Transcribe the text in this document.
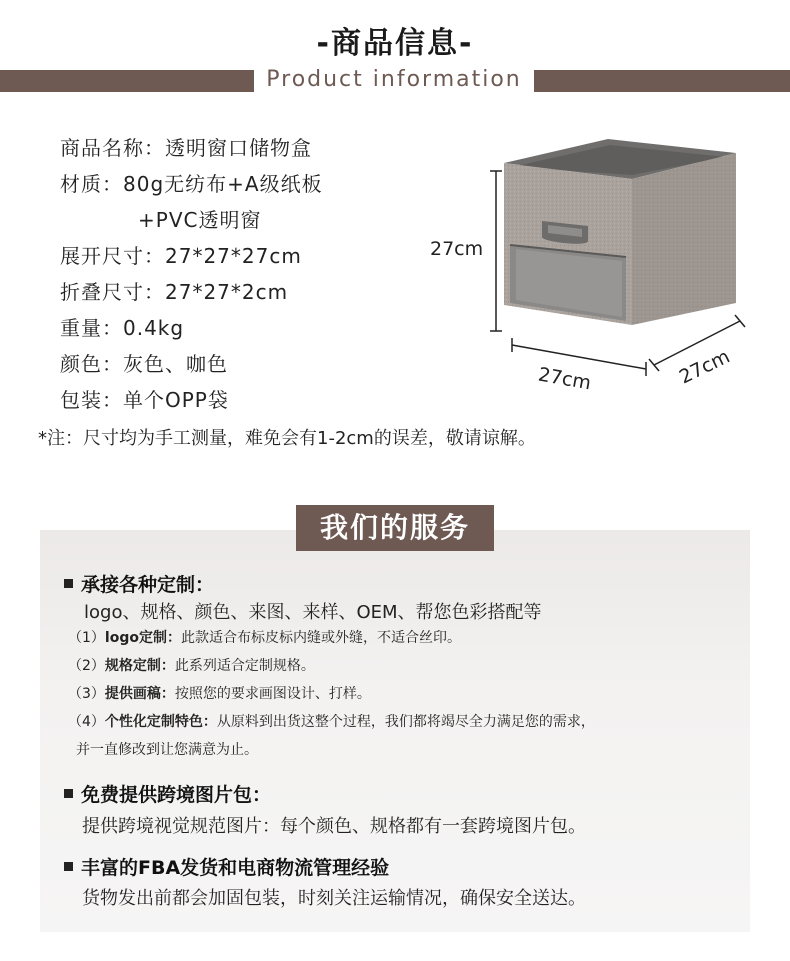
-商品信息-
Product information
商品名称：透明窗口储物盒
材质：80g无纺布+A级纸板
+PVC透明窗
展开尺寸：27*27*27cm
折叠尺寸：27*27*2cm
重量：0.4kg
颜色：灰色、咖色
包装：单个OPP袋
*注：尺寸均为手工测量，难免会有1-2cm的误差，敬请谅解。
27cm
27cm	27cm
我们的服务
承接各种定制：
logo、规格、颜色、来图、来样、OEM、帮您色彩搭配等
（1）logo定制：此款适合布标皮标内缝或外缝，不适合丝印。
（2）规格定制：此系列适合定制规格。
（3）提供画稿：按照您的要求画图设计、打样。
（4）个性化定制特色：从原料到出货这整个过程，我们都将竭尽全力满足您的需求，
并一直修改到让您满意为止。
免费提供跨境图片包：
提供跨境视觉规范图片：每个颜色、规格都有一套跨境图片包。
丰富的FBA发货和电商物流管理经验
货物发出前都会加固包装，时刻关注运输情况，确保安全送达。
